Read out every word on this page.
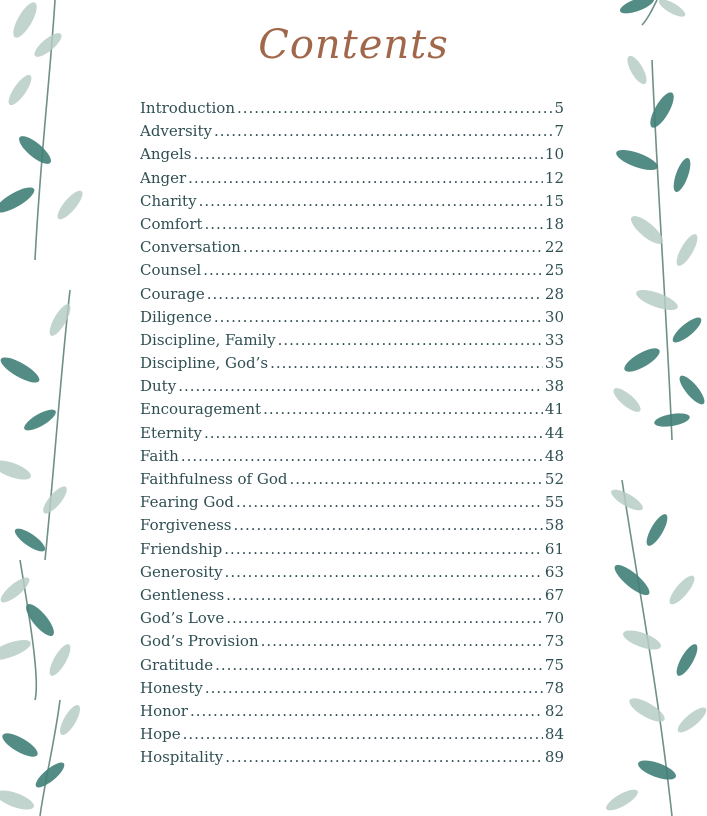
Contents
Introduction .....	5
Adversity .....	7
Angels .....	10
Anger .....	12
Charity .....	15
Comfort .....	18
Conversation .....	22
Counsel .....	25
Courage .....	28
Diligence .....	30
Discipline, Family .....	33
Discipline, God’s .....	35
Duty .....	38
Encouragement .....	41
Eternity .....	44
Faith .....	48
Faithfulness of God .....	52
Fearing God .....	55
Forgiveness .....	58
Friendship .....	61
Generosity .....	63
Gentleness .....	67
God’s Love .....	70
God’s Provision .....	73
Gratitude .....	75
Honesty .....	78
Honor .....	82
Hope .....	84
Hospitality .....	89
